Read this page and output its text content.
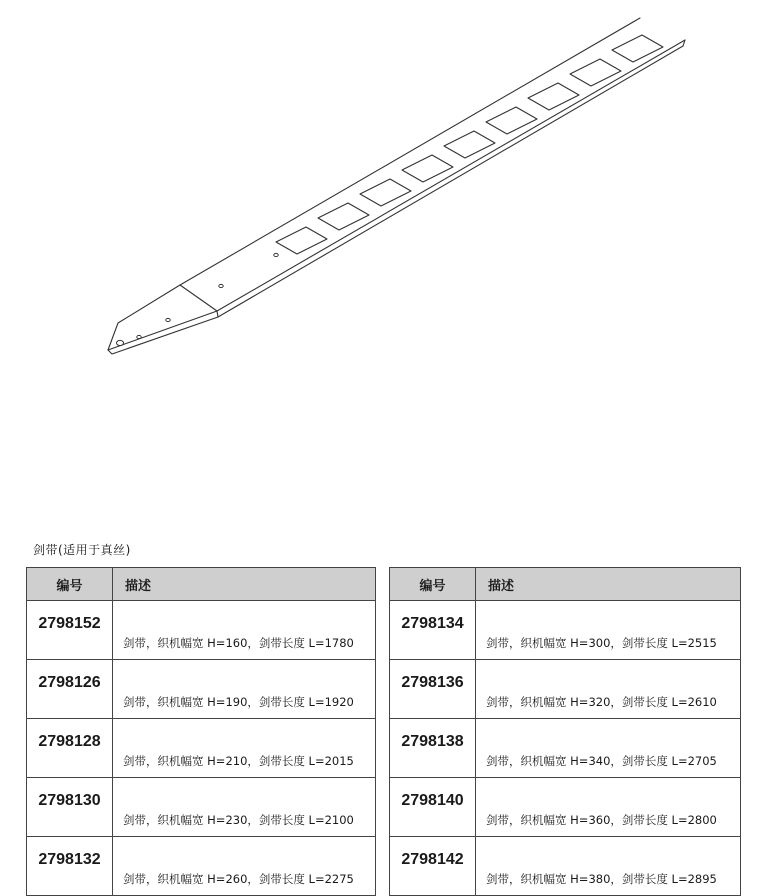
剑带(适用于真丝)
编号	描述
2798152	剑带，织机幅宽 H=160，剑带长度 L=1780
2798126	剑带，织机幅宽 H=190，剑带长度 L=1920
2798128	剑带，织机幅宽 H=210，剑带长度 L=2015
2798130	剑带，织机幅宽 H=230，剑带长度 L=2100
2798132	剑带，织机幅宽 H=260，剑带长度 L=2275
编号	描述
2798134	剑带，织机幅宽 H=300，剑带长度 L=2515
2798136	剑带，织机幅宽 H=320，剑带长度 L=2610
2798138	剑带，织机幅宽 H=340，剑带长度 L=2705
2798140	剑带，织机幅宽 H=360，剑带长度 L=2800
2798142	剑带，织机幅宽 H=380，剑带长度 L=2895
